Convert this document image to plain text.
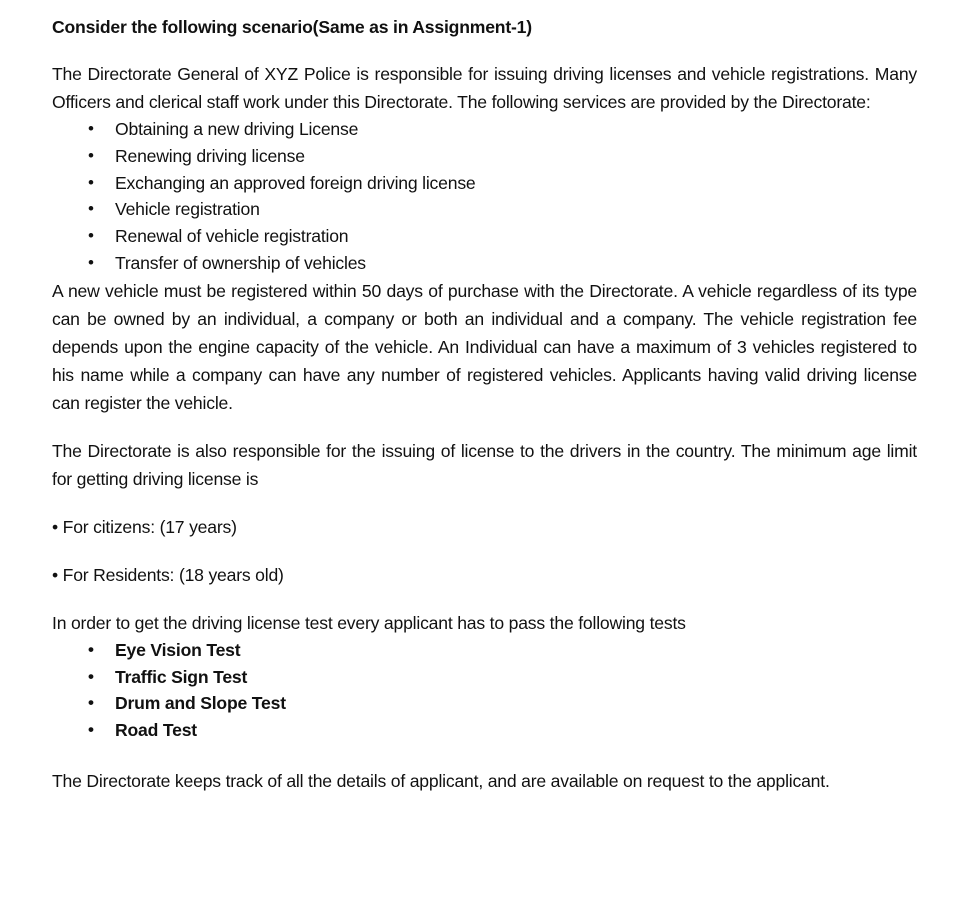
Consider the following scenario(Same as in Assignment-1)

The Directorate General of XYZ Police is responsible for issuing driving licenses and vehicle registrations. Many Officers and clerical staff work under this Directorate. The following services are provided by the Directorate:

• Obtaining a new driving License
• Renewing driving license
• Exchanging an approved foreign driving license
• Vehicle registration
• Renewal of vehicle registration
• Transfer of ownership of vehicles

A new vehicle must be registered within 50 days of purchase with the Directorate. A vehicle regardless of its type can be owned by an individual, a company or both an individual and a company. The vehicle registration fee depends upon the engine capacity of the vehicle. An Individual can have a maximum of 3 vehicles registered to his name while a company can have any number of registered vehicles. Applicants having valid driving license can register the vehicle.

The Directorate is also responsible for the issuing of license to the drivers in the country. The minimum age limit for getting driving license is

• For citizens: (17 years)

• For Residents: (18 years old)

In order to get the driving license test every applicant has to pass the following tests

• Eye Vision Test
• Traffic Sign Test
• Drum and Slope Test
• Road Test

The Directorate keeps track of all the details of applicant, and are available on request to the applicant.
